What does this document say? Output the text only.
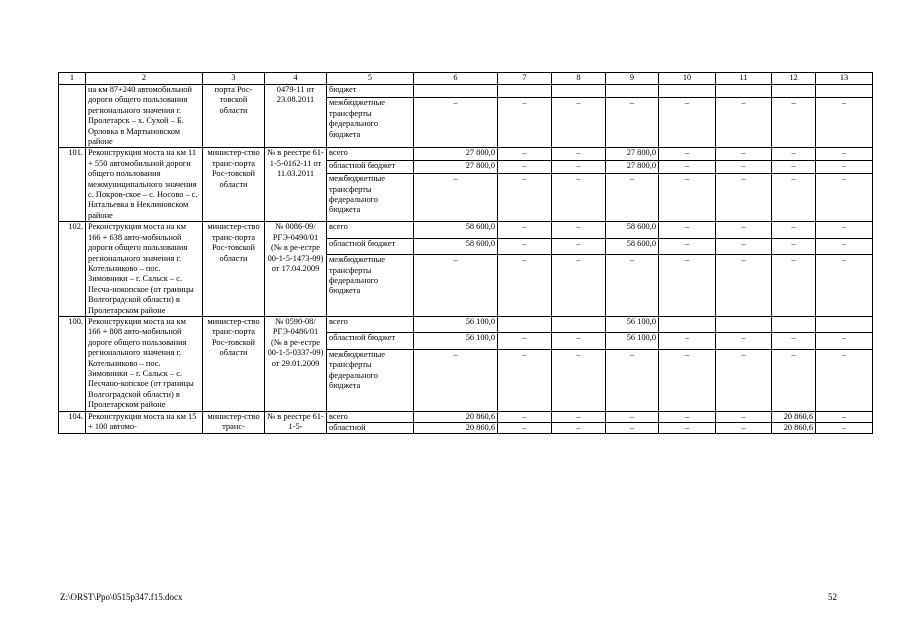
1	2	3	4	5	6	7	8	9	10	11	12	13
	на км 87+240 автомобильной дороги общего пользования регионального значения г. Пролетарск – х. Сухой – Б. Орловка в Мартыновском районе	порта Рос-товской области	0479-11 от 23.08.2011	бюджет								
				межбюджетные трансферты федерального бюджета	–	–	–	–	–	–	–	–
101.	Реконструкция моста на км 11 + 550 автомобильной дороги общего пользования межмуниципального значения с. Покров-ское – с. Носово – с. Натальевка в Неклиновском районе	министер-ство транс-порта Рос-товской области	№ в реестре 61-1-5-0162-11 от 11.03.2011	всего	27 800,0	–	–	27 800,0	–	–	–	–
				областной бюджет	27 800,0	–	–	27 800,0	–	–	–	–
				межбюджетные трансферты федерального бюджета	–	–	–	–	–	–	–	–
102.	Реконструкция моста на км 166 + 638 авто-мобильной дороги общего пользования регионального значения г. Котельниково – пос. Зимовники – г. Сальск – с. Песча-нокопское (от границы Волгоградской области) в Пролетарском районе	министер-ство транс-порта Рос-товской области	№ 0086-09/РГЭ-0490/01 (№ в ре-естре 00-1-5-1473-09) от 17.04.2009	всего	58 600,0	–	–	58 600,0	–	–	–	–
				областной бюджет	58 600,0	–	–	58 600,0	–	–	–	–
				межбюджетные трансферты федерального бюджета	–	–	–	–	–	–	–	–
100.	Реконструкция моста на км 166 + 808 авто-мобильной дороге общего пользования регионального значения г. Котельниково – пос. Зимовники – г. Сальск – с. Песчано-копское (от границы Волгоградской области) в Пролетарском районе	министер-ство транс-порта Рос-товской области	№ 0590-08/РГЭ-0486/01 (№ в ре-естре 00-1-5-0337-09) от 29.01.2009	всего	56 100,0			56 100,0				
				областной бюджет	56 100,0	–	–	56 100,0	–	–	–	–
				межбюджетные трансферты федерального бюджета	–	–	–	–	–	–	–	–
104.	Реконструкция моста на км 15 + 100 автомо-	министер-ство транс-	№ в реестре 61-1-5-	всего	20 860,6	–	–	–	–	–	20 860,6	–
				областной	20 860,6	–	–	–	–	–	20 860,6	–
Z:\ORST\Ppo\0515p347.f15.docx	52
